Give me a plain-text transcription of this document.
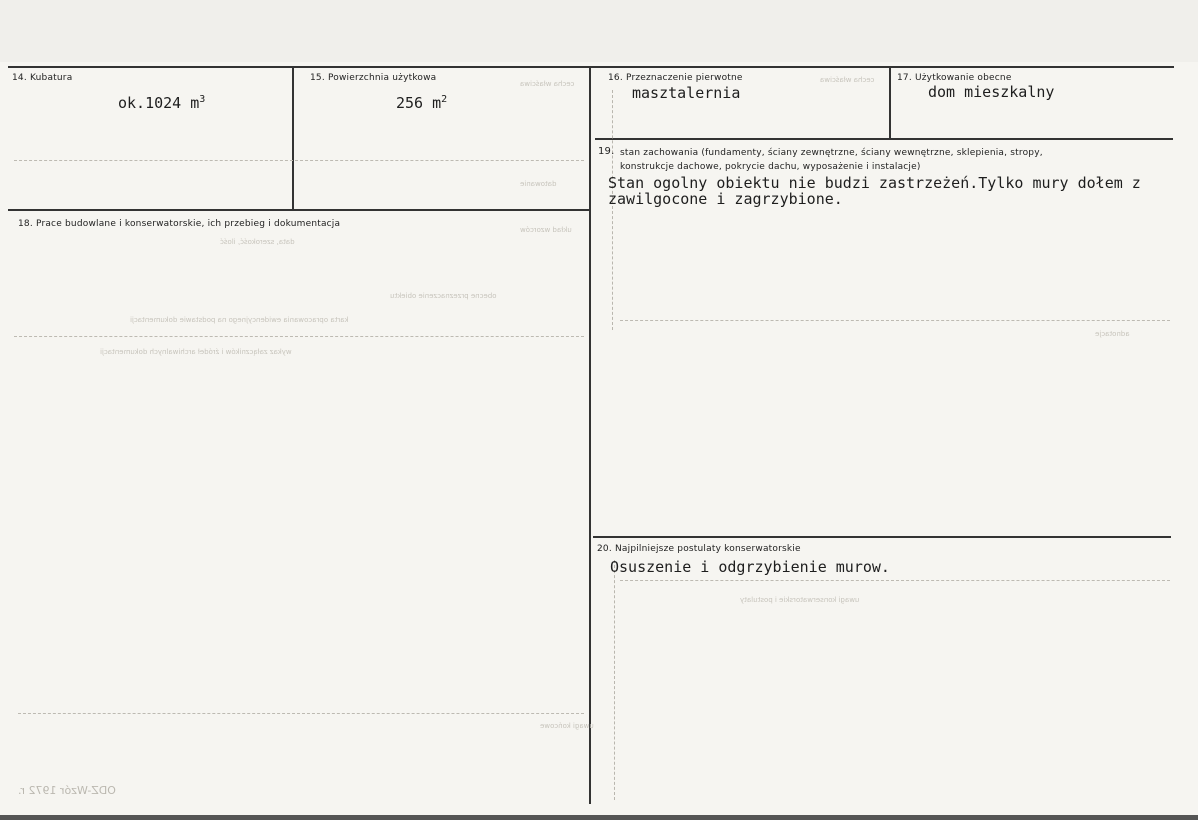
cecha właściwa
datowanie
układ wzorców
data, szerokość, ilość
obecne przeznaczenie obiektu
karta opracowania ewidencyjnego na podstawie dokumentacji
wykaz załączników i źródeł archiwalnych dokumentacji
cecha właściwa
adnotacje
uwagi konserwatorskie i postulaty
uwagi końcowe
14. Kubatura
ok.1024 $m^3$
15. Powierzchnia użytkowa
256 $m^2$
16. Przeznaczenie pierwotne
masztalernia
17. Użytkowanie obecne
dom mieszkalny
18. Prace budowlane i konserwatorskie, ich przebieg i dokumentacja
19. stan zachowania (fundamenty, ściany zewnętrzne, ściany wewnętrzne, sklepienia, stropy,
konstrukcje dachowe, pokrycie dachu, wyposażenie i instalacje)
Stan ogolny obiektu nie budzi zastrzeżeń.Tylko mury dołem z
zawilgocone i zagrzybione.
20. Najpilniejsze postulaty konserwatorskie
Osuszenie i odgrzybienie murow.
ODZ-Wzór 1972 r.
